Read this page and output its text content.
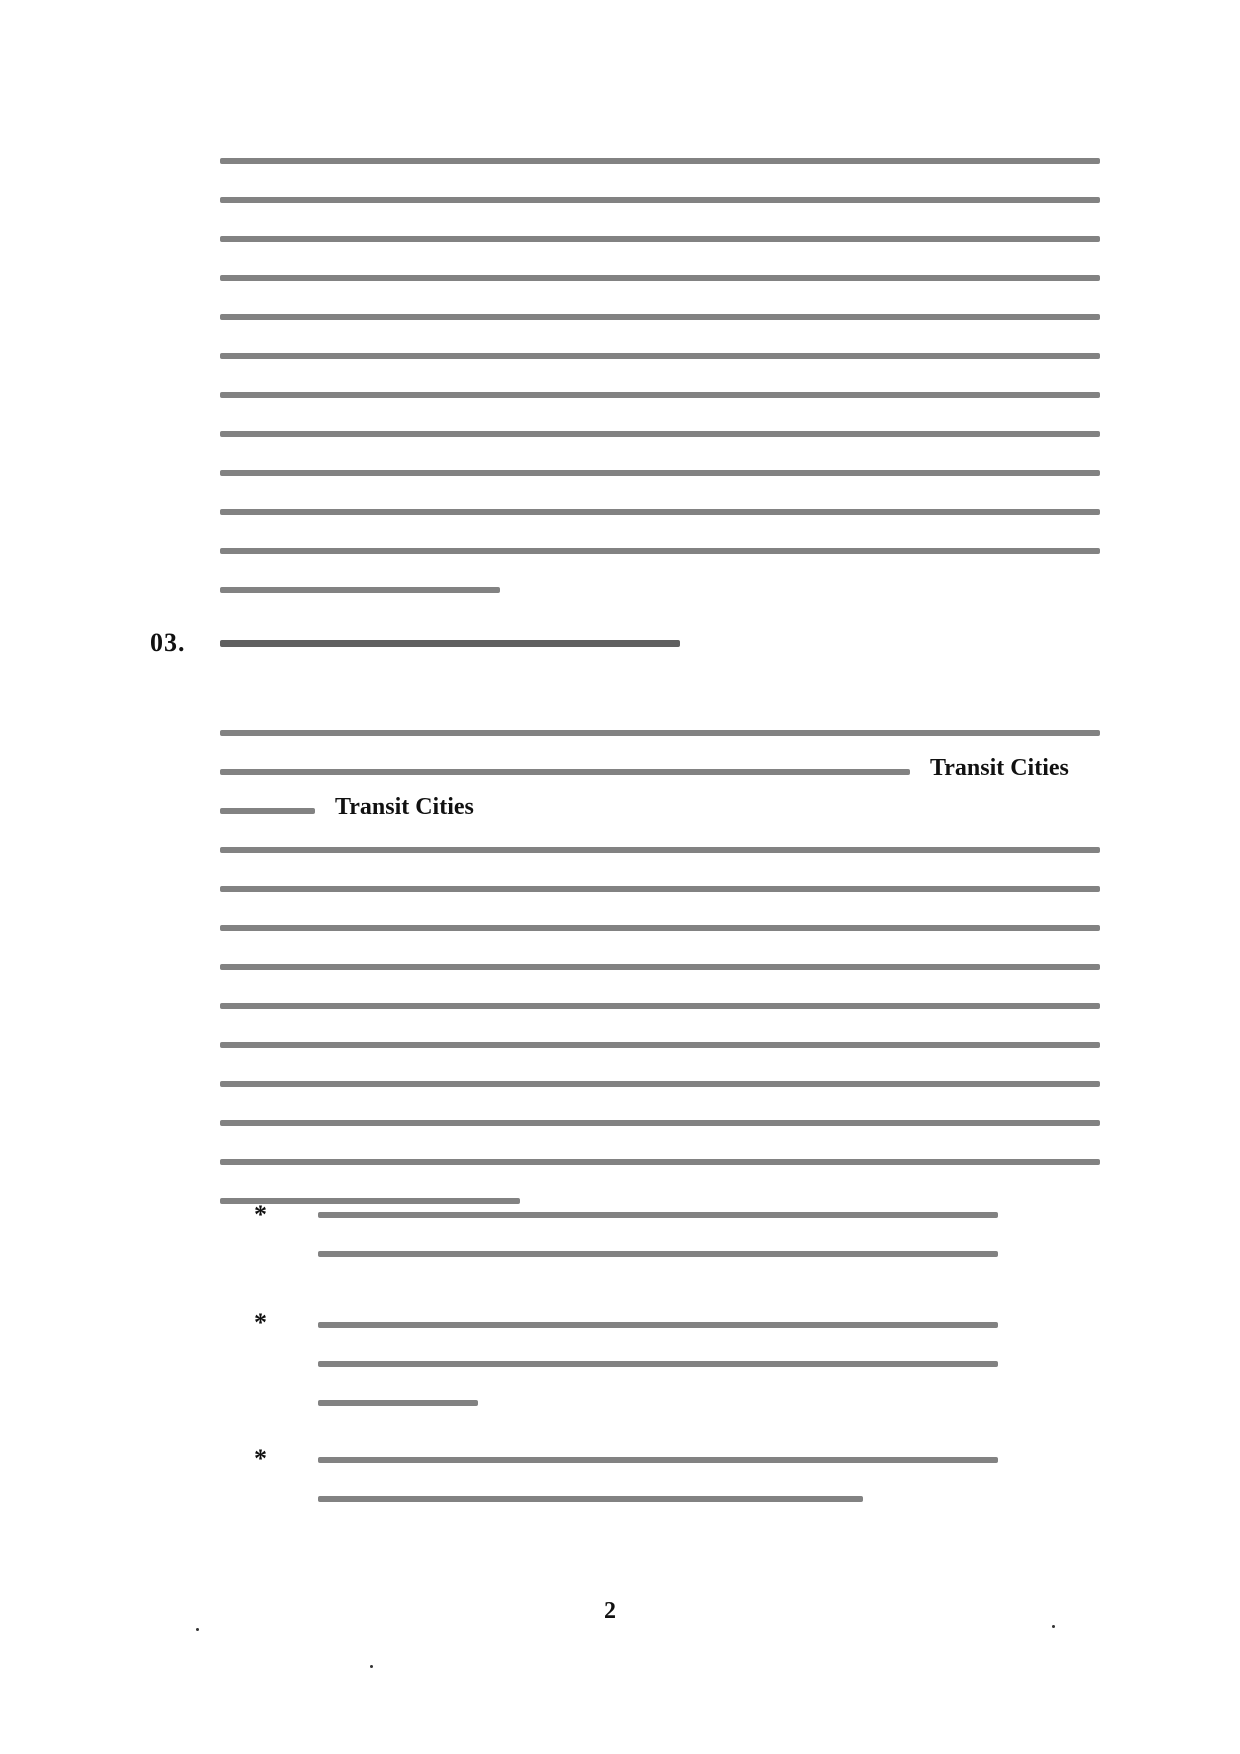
03.
Transit Cities
Transit Cities
*
*
*
2
